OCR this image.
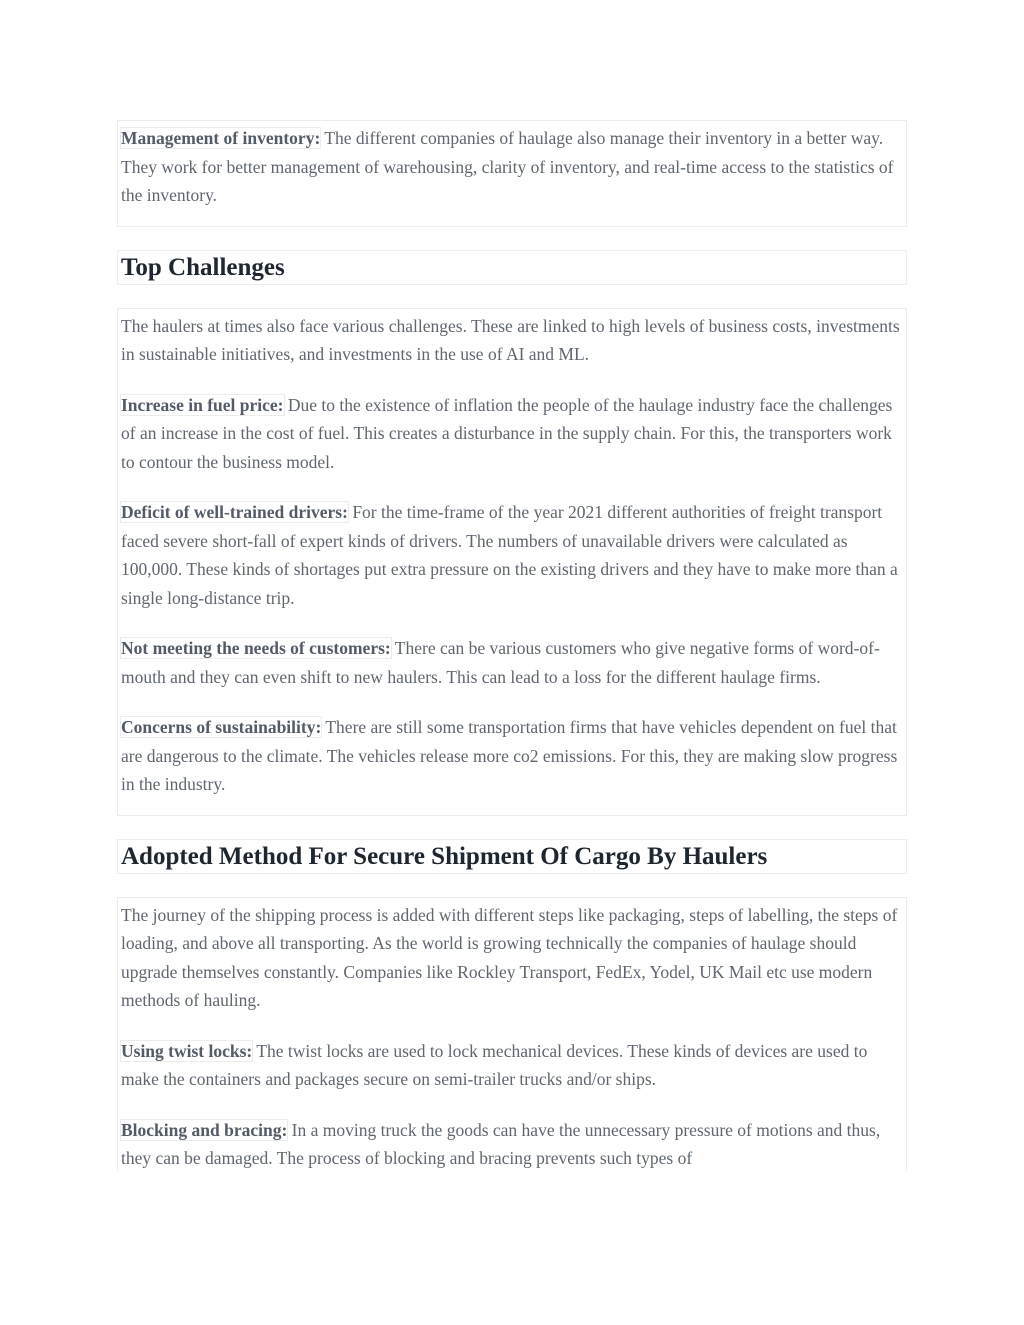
Management of inventory: The different companies of haulage also manage their inventory in a better way. They work for better management of warehousing, clarity of inventory, and real-time access to the statistics of the inventory.

Top Challenges

The haulers at times also face various challenges. These are linked to high levels of business costs, investments in sustainable initiatives, and investments in the use of AI and ML.

Increase in fuel price: Due to the existence of inflation the people of the haulage industry face the challenges of an increase in the cost of fuel. This creates a disturbance in the supply chain. For this, the transporters work to contour the business model.

Deficit of well-trained drivers: For the time-frame of the year 2021 different authorities of freight transport faced severe short-fall of expert kinds of drivers. The numbers of unavailable drivers were calculated as 100,000. These kinds of shortages put extra pressure on the existing drivers and they have to make more than a single long-distance trip.

Not meeting the needs of customers: There can be various customers who give negative forms of word-of-mouth and they can even shift to new haulers. This can lead to a loss for the different haulage firms.

Concerns of sustainability: There are still some transportation firms that have vehicles dependent on fuel that are dangerous to the climate. The vehicles release more co2 emissions. For this, they are making slow progress in the industry.

Adopted Method For Secure Shipment Of Cargo By Haulers

The journey of the shipping process is added with different steps like packaging, steps of labelling, the steps of loading, and above all transporting. As the world is growing technically the companies of haulage should upgrade themselves constantly. Companies like Rockley Transport, FedEx, Yodel, UK Mail etc use modern methods of hauling.

Using twist locks: The twist locks are used to lock mechanical devices. These kinds of devices are used to make the containers and packages secure on semi-trailer trucks and/or ships.

Blocking and bracing: In a moving truck the goods can have the unnecessary pressure of motions and thus, they can be damaged. The process of blocking and bracing prevents such types of
